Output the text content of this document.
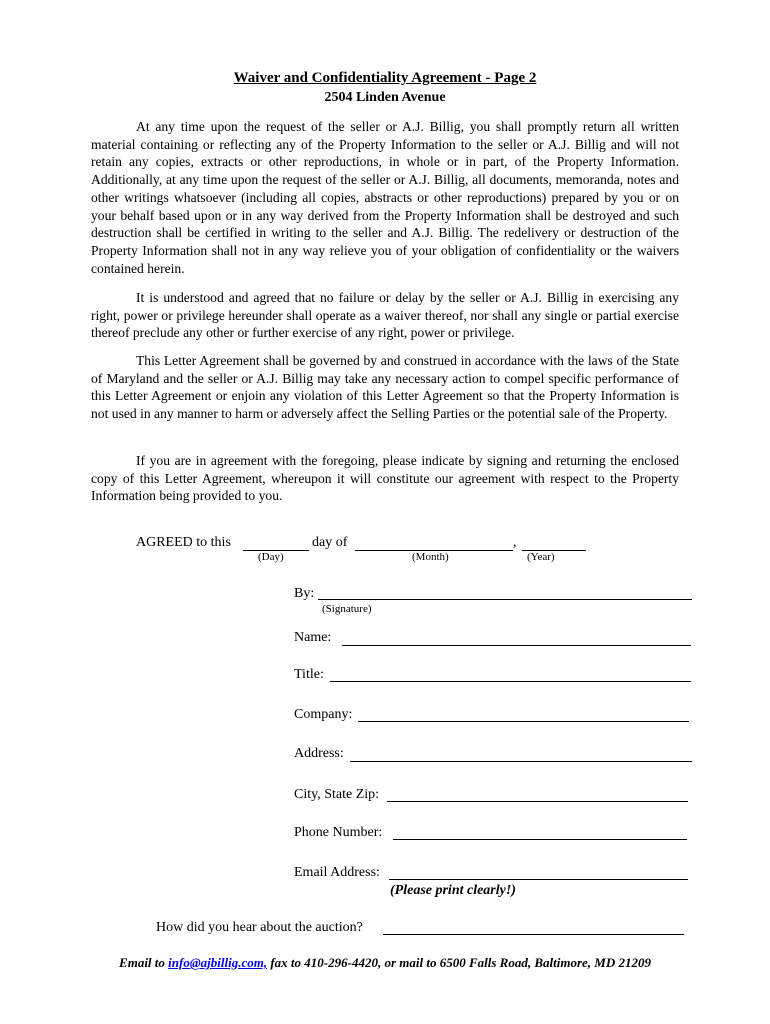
Waiver and Confidentiality Agreement - Page 2
2504 Linden Avenue

At any time upon the request of the seller or A.J. Billig, you shall promptly return all written material containing or reflecting any of the Property Information to the seller or A.J. Billig and will not retain any copies, extracts or other reproductions, in whole or in part, of the Property Information. Additionally, at any time upon the request of the seller or A.J. Billig, all documents, memoranda, notes and other writings whatsoever (including all copies, abstracts or other reproductions) prepared by you or on your behalf based upon or in any way derived from the Property Information shall be destroyed and such destruction shall be certified in writing to the seller and A.J. Billig. The redelivery or destruction of the Property Information shall not in any way relieve you of your obligation of confidentiality or the waivers contained herein.

It is understood and agreed that no failure or delay by the seller or A.J. Billig in exercising any right, power or privilege hereunder shall operate as a waiver thereof, nor shall any single or partial exercise thereof preclude any other or further exercise of any right, power or privilege.

This Letter Agreement shall be governed by and construed in accordance with the laws of the State of Maryland and the seller or A.J. Billig may take any necessary action to compel specific performance of this Letter Agreement or enjoin any violation of this Letter Agreement so that the Property Information is not used in any manner to harm or adversely affect the Selling Parties or the potential sale of the Property.

If you are in agreement with the foregoing, please indicate by signing and returning the enclosed copy of this Letter Agreement, whereupon it will constitute our agreement with respect to the Property Information being provided to you.

AGREED to this	day of	,
(Day)	(Month)	(Year)
By:
(Signature)
Name:
Title:
Company:
Address:
City, State Zip:
Phone Number:
Email Address:
(Please print clearly!)
How did you hear about the auction?
Email to info@ajbillig.com, fax to 410-296-4420, or mail to 6500 Falls Road, Baltimore, MD 21209
